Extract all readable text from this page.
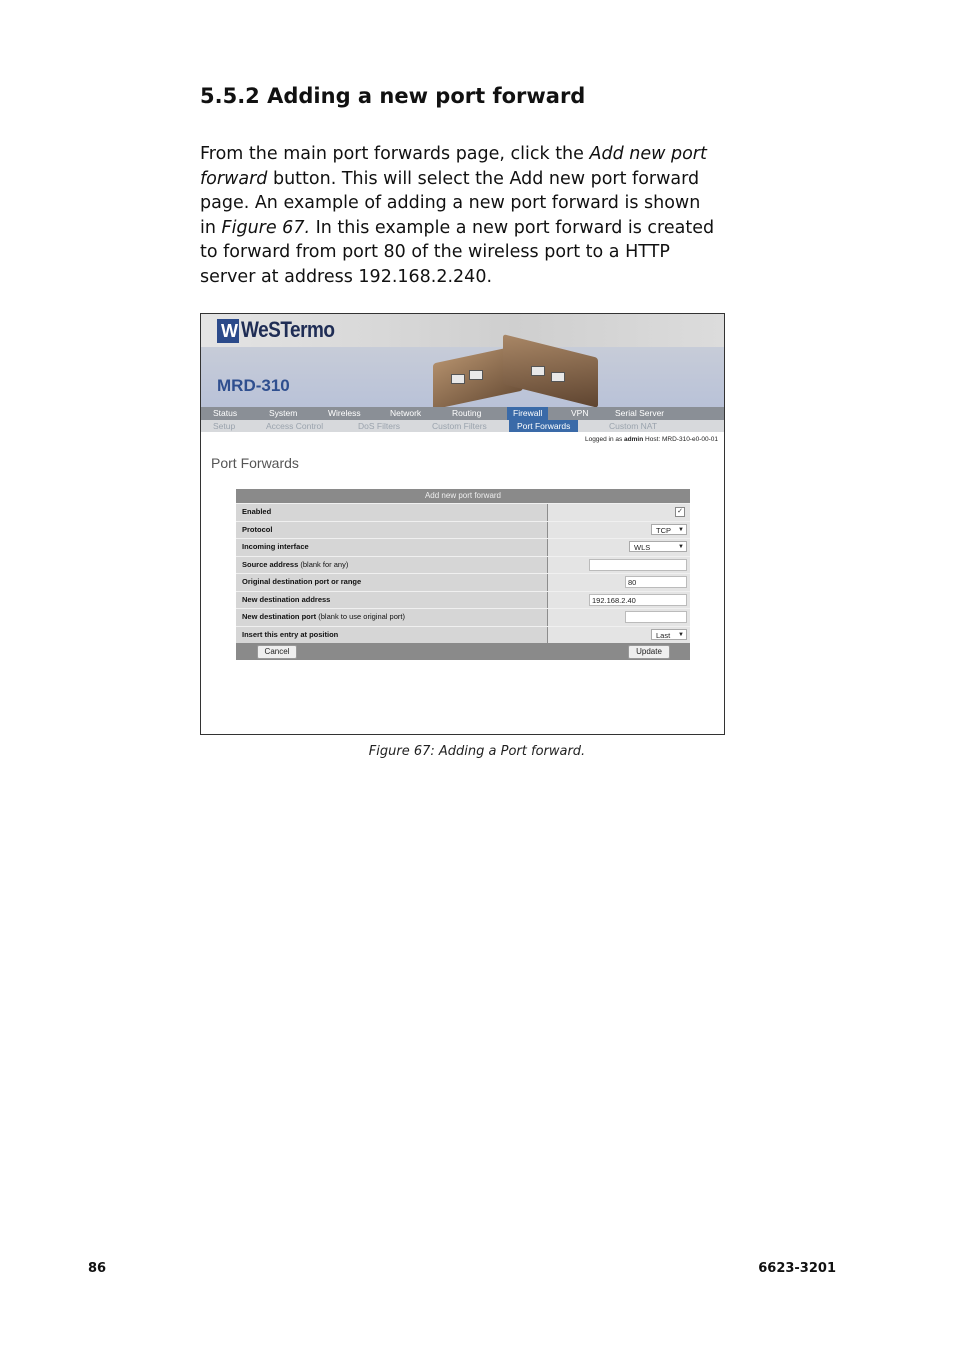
5.5.2 Adding a new port forward
From the main port forwards page, click the Add new port forward button. This will select the Add new port forward page. An example of adding a new port forward is shown in Figure 67. In this example a new port forward is created to forward from port 80 of the wireless port to a HTTP server at address 192.168.2.240.
W WeSTermo
MRD-310
Status	System	Wireless	Network	Routing	Firewall	VPN	Serial Server
Setup	Access Control	DoS Filters	Custom Filters	Port Forwards	Custom NAT
Logged in as admin Host: MRD-310-e0-00-01
Port Forwards
Add new port forward
Enabled	✓
Protocol	TCP ▼
Incoming interface	WLS	▼
Source address (blank for any)
Original destination port or range	80
New destination address	192.168.2.40
New destination port (blank to use original port)
Insert this entry at position	Last ▼
Cancel	Update
Figure 67: Adding a Port forward.
86	6623-3201
